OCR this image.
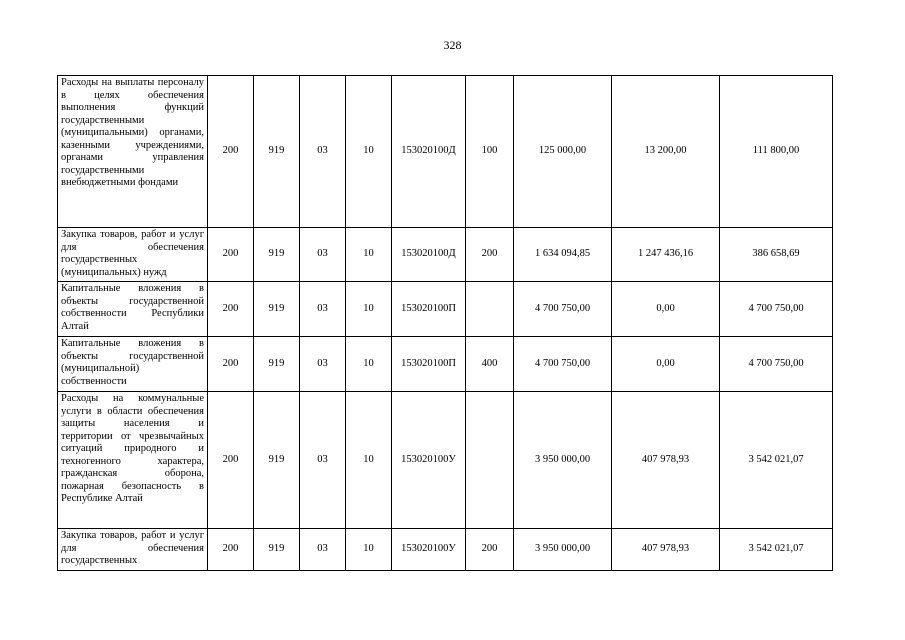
328
Расходы на выплаты персоналу в целях обеспечения выполнения функций государственными (муниципальными) органами, казенными учреждениями, органами управления государственными внебюджетными фондами	200	919	03	10	153020100Д	100	125 000,00	13 200,00	111 800,00
Закупка товаров, работ и услуг для обеспечения государственных (муниципальных) нужд	200	919	03	10	153020100Д	200	1 634 094,85	1 247 436,16	386 658,69
Капитальные вложения в объекты государственной собственности Республики Алтай	200	919	03	10	153020100П		4 700 750,00	0,00	4 700 750,00
Капитальные вложения в объекты государственной (муниципальной) собственности	200	919	03	10	153020100П	400	4 700 750,00	0,00	4 700 750,00
Расходы на коммунальные услуги в области обеспечения защиты населения и территории от чрезвычайных ситуаций природного и техногенного характера, гражданская оборона, пожарная безопасность в Республике Алтай	200	919	03	10	153020100У		3 950 000,00	407 978,93	3 542 021,07
Закупка товаров, работ и услуг для обеспечения государственных	200	919	03	10	153020100У	200	3 950 000,00	407 978,93	3 542 021,07
